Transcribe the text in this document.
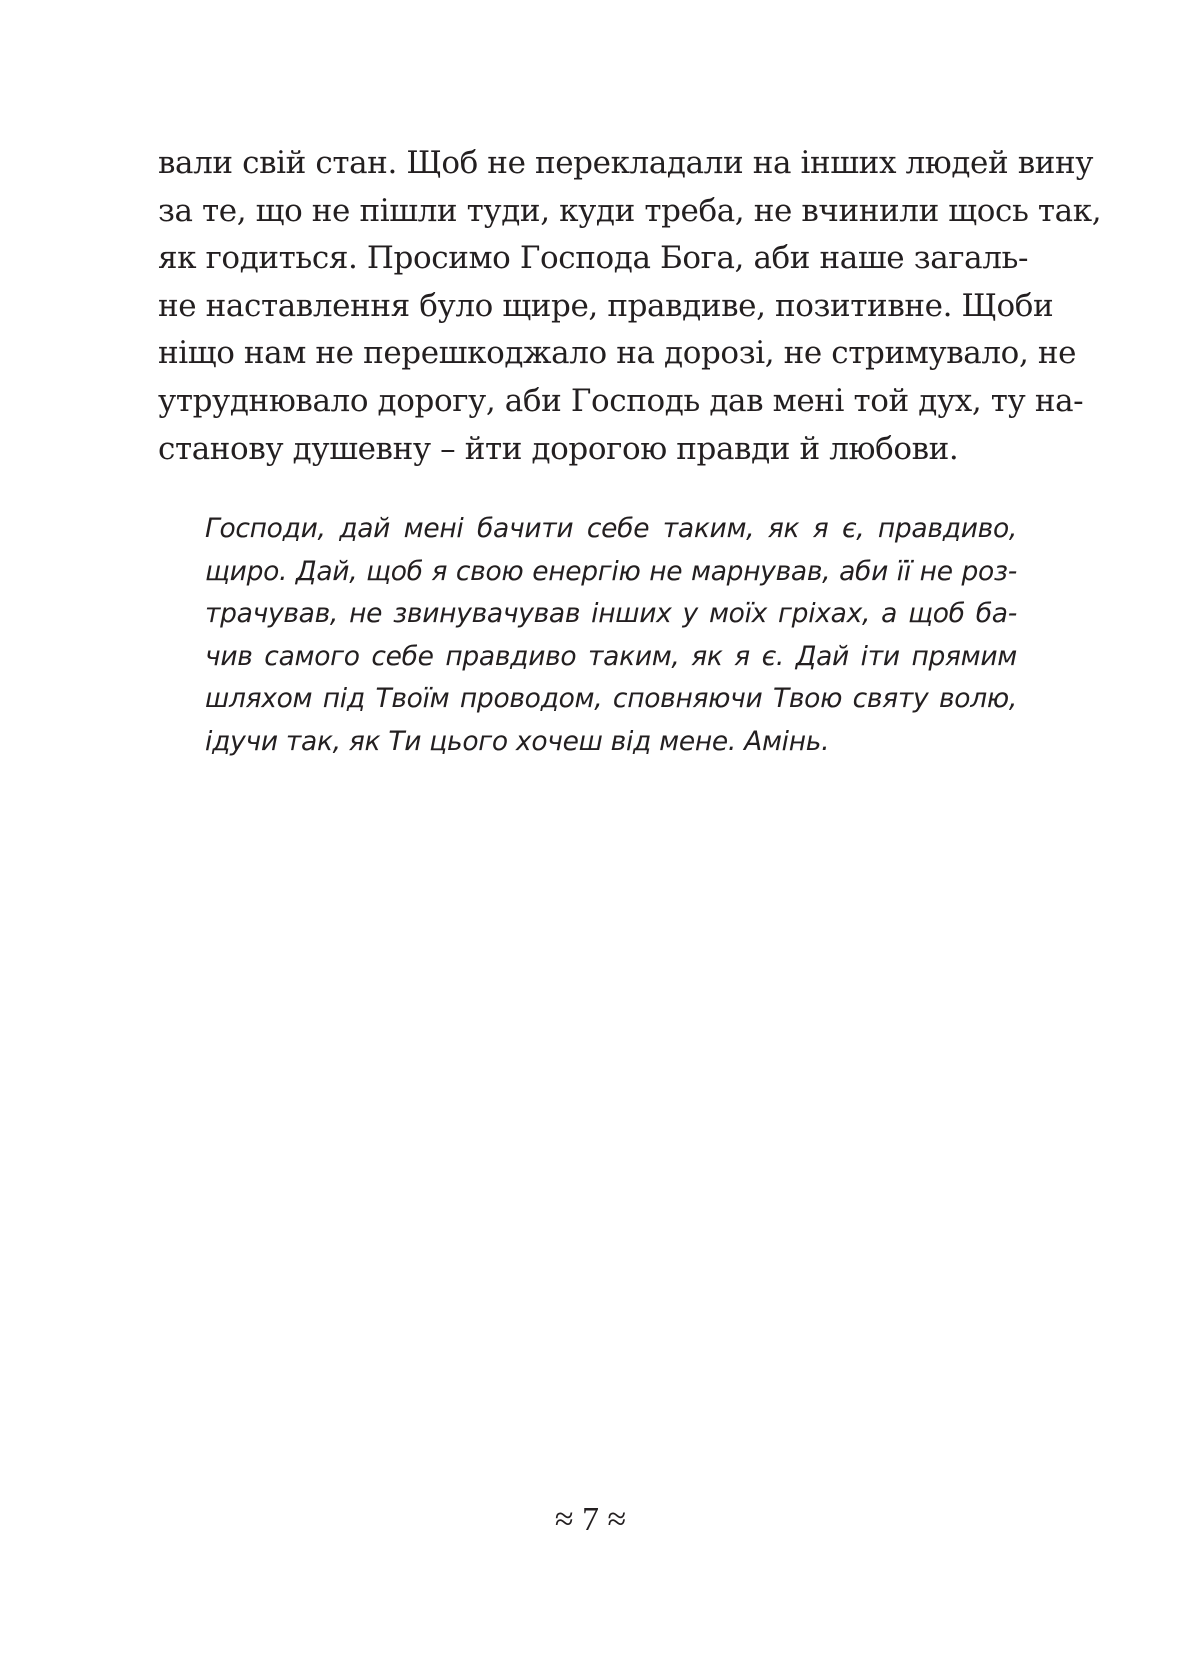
вали свій стан. Щоб не перекладали на інших людей вину
за те, що не пішли туди, куди треба, не вчинили щось так,
як годиться. Просимо Господа Бога, аби наше загаль-
не наставлення було щире, правдиве, позитивне. Щоби
ніщо нам не перешкоджало на дорозі, не стримувало, не
утруднювало дорогу, аби Господь дав мені той дух, ту на-
станову душевну – йти дорогою правди й любови.
Господи, дай мені бачити себе таким, як я є, правдиво,
щиро. Дай, щоб я свою енергію не марнував, аби її не роз-
трачував, не звинувачував інших у моїх гріхах, а щоб ба-
чив самого себе правдиво таким, як я є. Дай іти прямим
шляхом під Твоїм проводом, сповняючи Твою святу волю,
ідучи так, як Ти цього хочеш від мене. Амінь.
≈ 7 ≈
